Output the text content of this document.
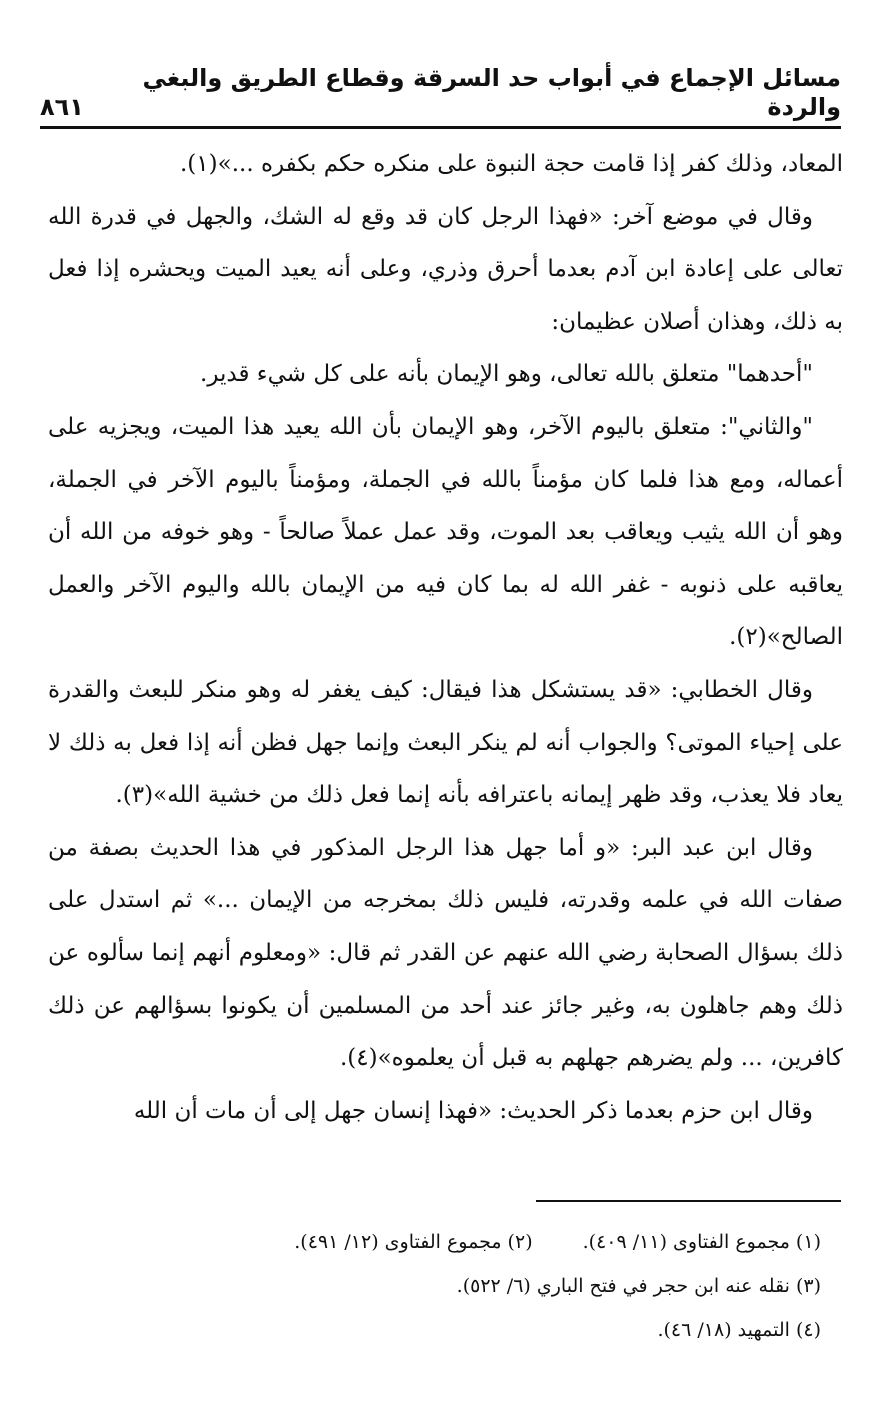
مسائل الإجماع في أبواب حد السرقة وقطاع الطريق والبغي والردة
٨٦١

المعاد، وذلك كفر إذا قامت حجة النبوة على منكره حكم بكفره ...»(١).

وقال في موضع آخر: «فهذا الرجل كان قد وقع له الشك، والجهل في قدرة الله تعالى على إعادة ابن آدم بعدما أحرق وذري، وعلى أنه يعيد الميت ويحشره إذا فعل به ذلك، وهذان أصلان عظيمان:

"أحدهما" متعلق بالله تعالى، وهو الإيمان بأنه على كل شيء قدير.

"والثاني": متعلق باليوم الآخر، وهو الإيمان بأن الله يعيد هذا الميت، ويجزيه على أعماله، ومع هذا فلما كان مؤمناً بالله في الجملة، ومؤمناً باليوم الآخر في الجملة، وهو أن الله يثيب ويعاقب بعد الموت، وقد عمل عملاً صالحاً - وهو خوفه من الله أن يعاقبه على ذنوبه - غفر الله له بما كان فيه من الإيمان بالله واليوم الآخر والعمل الصالح»(٢).

وقال الخطابي: «قد يستشكل هذا فيقال: كيف يغفر له وهو منكر للبعث والقدرة على إحياء الموتى؟ والجواب أنه لم ينكر البعث وإنما جهل فظن أنه إذا فعل به ذلك لا يعاد فلا يعذب، وقد ظهر إيمانه باعترافه بأنه إنما فعل ذلك من خشية الله»(٣).

وقال ابن عبد البر: «و أما جهل هذا الرجل المذكور في هذا الحديث بصفة من صفات الله في علمه وقدرته، فليس ذلك بمخرجه من الإيمان ...» ثم استدل على ذلك بسؤال الصحابة رضي الله عنهم عن القدر ثم قال: «ومعلوم أنهم إنما سألوه عن ذلك وهم جاهلون به، وغير جائز عند أحد من المسلمين أن يكونوا بسؤالهم عن ذلك كافرين، ... ولم يضرهم جهلهم به قبل أن يعلموه»(٤).

وقال ابن حزم بعدما ذكر الحديث: «فهذا إنسان جهل إلى أن مات أن الله

(١) مجموع الفتاوى (١١/ ٤٠٩).
(٢) مجموع الفتاوى (١٢/ ٤٩١).
(٣) نقله عنه ابن حجر في فتح الباري (٦/ ٥٢٢).
(٤) التمهيد (١٨/ ٤٦).
